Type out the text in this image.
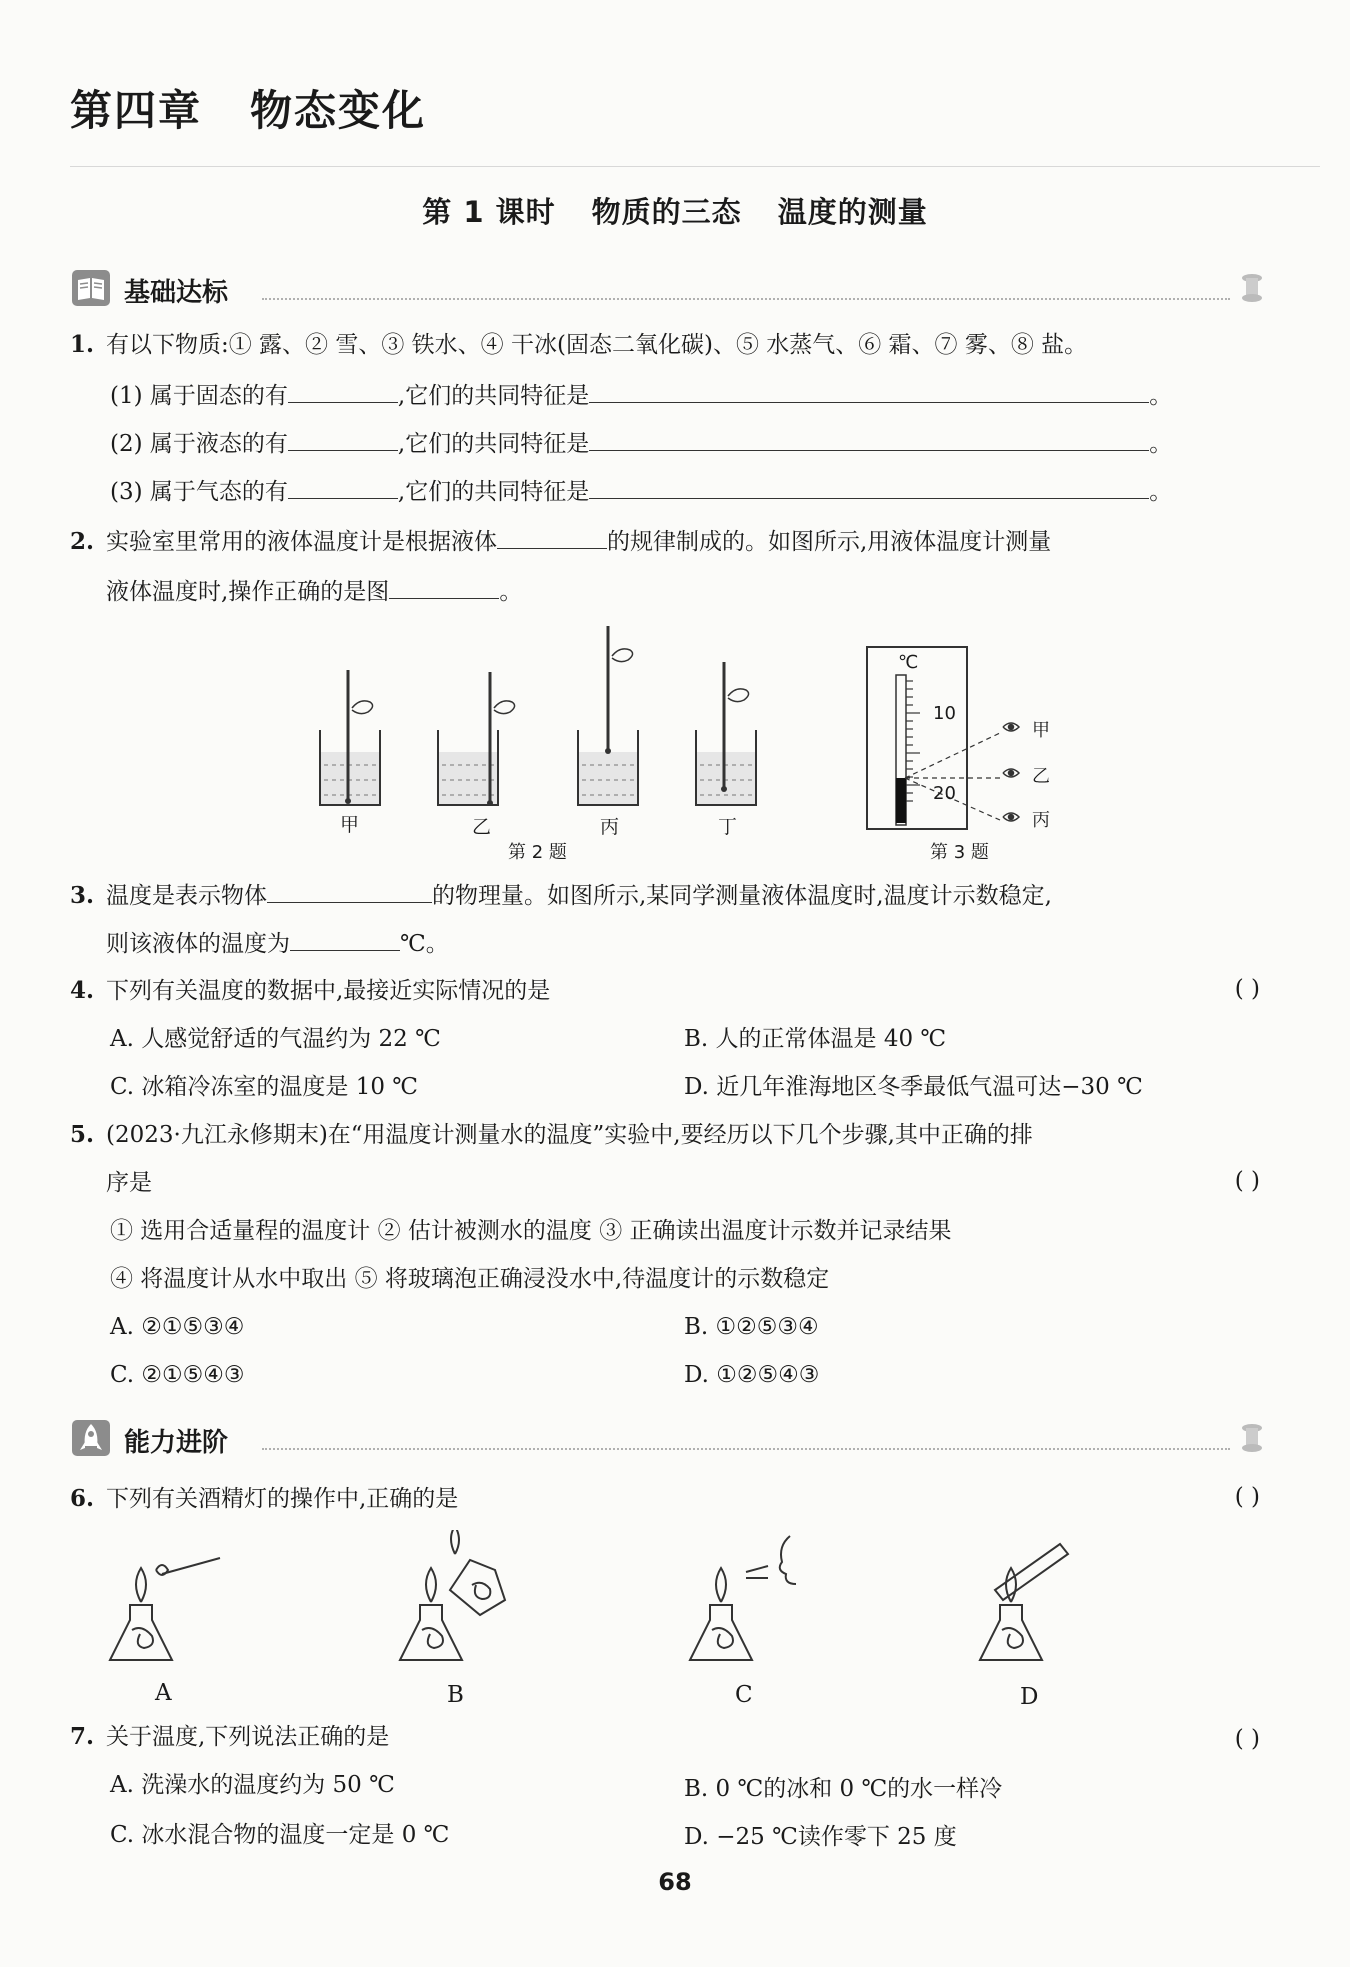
第四章 物态变化
第 1 课时 物质的三态 温度的测量
基础达标
1. 有以下物质:① 露、② 雪、③ 铁水、④ 干冰(固态二氧化碳)、⑤ 水蒸气、⑥ 霜、⑦ 雾、⑧ 盐。
(1) 属于固态的有	,它们的共同特征是	。
(2) 属于液态的有	,它们的共同特征是	。
(3) 属于气态的有	,它们的共同特征是	。
2. 实验室里常用的液体温度计是根据液体	的规律制成的。如图所示,用液体温度计测量
液体温度时,操作正确的是图	。
甲	乙	丙	丁
第 2 题
℃
10
20
甲
乙
丙
第 3 题
3. 温度是表示物体	的物理量。如图所示,某同学测量液体温度时,温度计示数稳定,
则该液体的温度为	℃。
4. 下列有关温度的数据中,最接近实际情况的是	( )
A. 人感觉舒适的气温约为 22 ℃	B. 人的正常体温是 40 ℃
C. 冰箱冷冻室的温度是 10 ℃	D. 近几年淮海地区冬季最低气温可达−30 ℃
5. (2023·九江永修期末)在“用温度计测量水的温度”实验中,要经历以下几个步骤,其中正确的排
序是	( )
① 选用合适量程的温度计 ② 估计被测水的温度 ③ 正确读出温度计示数并记录结果
④ 将温度计从水中取出 ⑤ 将玻璃泡正确浸没水中,待温度计的示数稳定
A. ②①⑤③④	B. ①②⑤③④
C. ②①⑤④③	D. ①②⑤④③
能力进阶
6. 下列有关酒精灯的操作中,正确的是	( )
A	B	C	D
7. 关于温度,下列说法正确的是	( )
A. 洗澡水的温度约为 50 ℃	B. 0 ℃的冰和 0 ℃的水一样冷
C. 冰水混合物的温度一定是 0 ℃	D. −25 ℃读作零下 25 度
68
